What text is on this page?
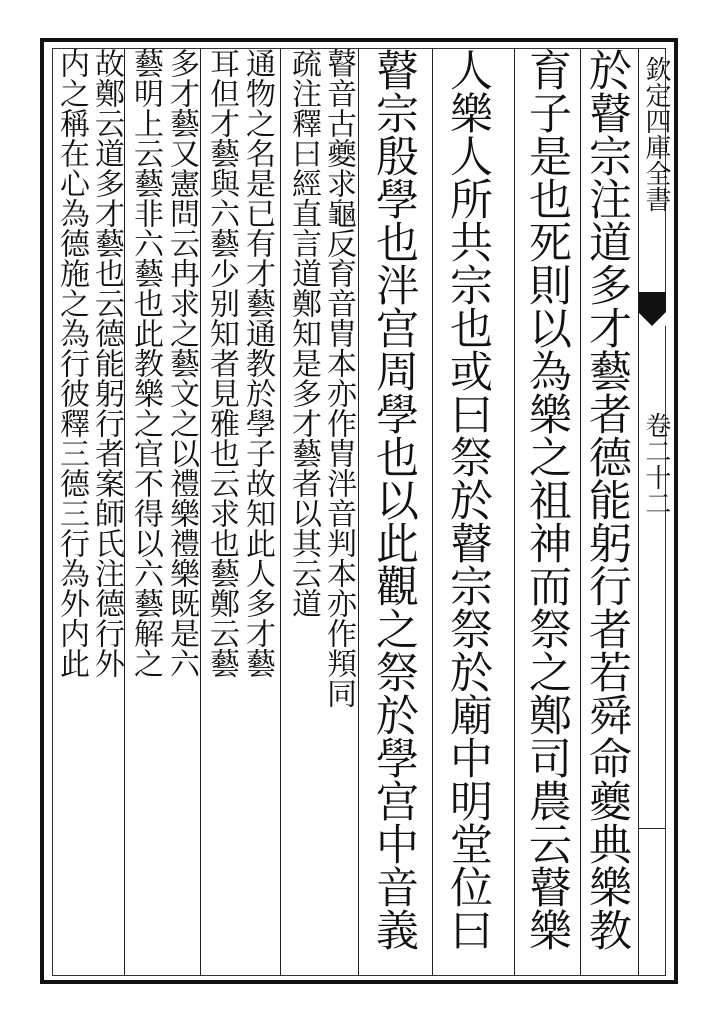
欽定四庫全書
卷二十二
於瞽宗注道多才藝者德能躬行者若舜命夔典樂教
育子是也死則以為樂之祖神而祭之鄭司農云瞽樂
人樂人所共宗也或曰祭於瞽宗祭於廟中明堂位曰
瞽宗殷學也泮宫周學也以此觀之祭於學宫中音義
瞽音古夔求龜反育音胄本亦作胄泮音判本亦作頖同
疏注釋曰經直言道鄭知是多才藝者以其云道
通物之名是已有才藝通教於學子故知此人多才藝
耳但才藝與六藝少别知者見雅也云求也藝鄭云藝
多才藝又憲問云冉求之藝文之以禮樂禮樂既是六
藝明上云藝非六藝也此教樂之官不得以六藝解之
故鄭云道多才藝也云德能躬行者案師氏注德行外
内之稱在心為德施之為行彼釋三德三行為外内此
